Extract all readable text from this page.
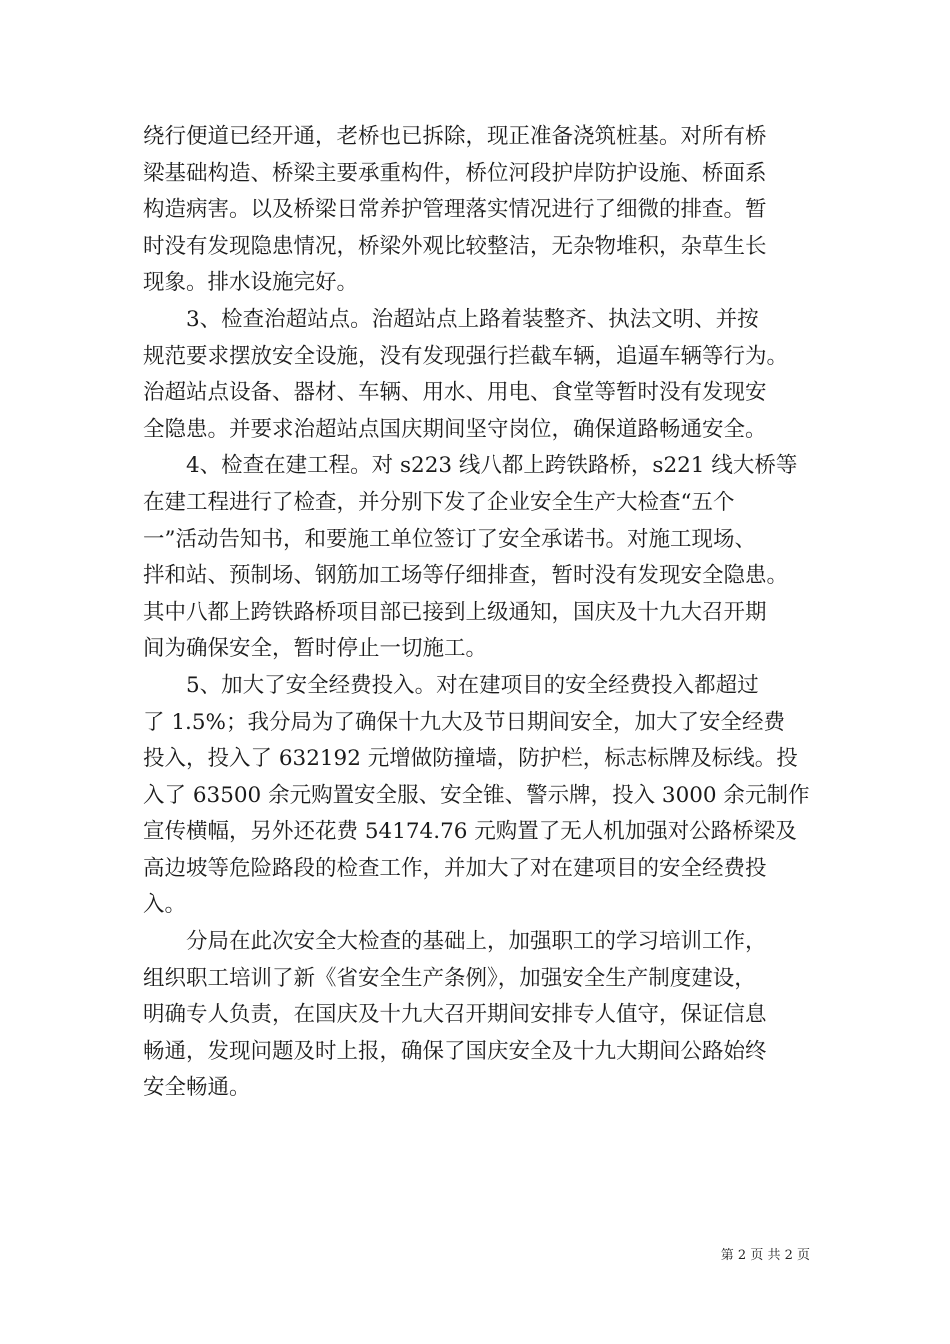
绕行便道已经开通，老桥也已拆除，现正准备浇筑桩基。对所有桥
梁基础构造、桥梁主要承重构件，桥位河段护岸防护设施、桥面系
构造病害。以及桥梁日常养护管理落实情况进行了细微的排查。暂
时没有发现隐患情况，桥梁外观比较整洁，无杂物堆积，杂草生长
现象。排水设施完好。
3、检查治超站点。治超站点上路着装整齐、执法文明、并按
规范要求摆放安全设施，没有发现强行拦截车辆，追逼车辆等行为。
治超站点设备、器材、车辆、用水、用电、食堂等暂时没有发现安
全隐患。并要求治超站点国庆期间坚守岗位，确保道路畅通安全。
4、检查在建工程。对 s223 线八都上跨铁路桥，s221 线大桥等
在建工程进行了检查，并分别下发了企业安全生产大检查“五个
一”活动告知书，和要施工单位签订了安全承诺书。对施工现场、
拌和站、预制场、钢筋加工场等仔细排查，暂时没有发现安全隐患。
其中八都上跨铁路桥项目部已接到上级通知，国庆及十九大召开期
间为确保安全，暂时停止一切施工。
5、加大了安全经费投入。对在建项目的安全经费投入都超过
了 1.5%；我分局为了确保十九大及节日期间安全，加大了安全经费
投入，投入了 632192 元增做防撞墙，防护栏，标志标牌及标线。投
入了 63500 余元购置安全服、安全锥、警示牌，投入 3000 余元制作
宣传横幅，另外还花费 54174.76 元购置了无人机加强对公路桥梁及
高边坡等危险路段的检查工作，并加大了对在建项目的安全经费投
入。
分局在此次安全大检查的基础上，加强职工的学习培训工作，
组织职工培训了新《省安全生产条例》，加强安全生产制度建设，
明确专人负责，在国庆及十九大召开期间安排专人值守，保证信息
畅通，发现问题及时上报，确保了国庆安全及十九大期间公路始终
安全畅通。
第 2 页 共 2 页
